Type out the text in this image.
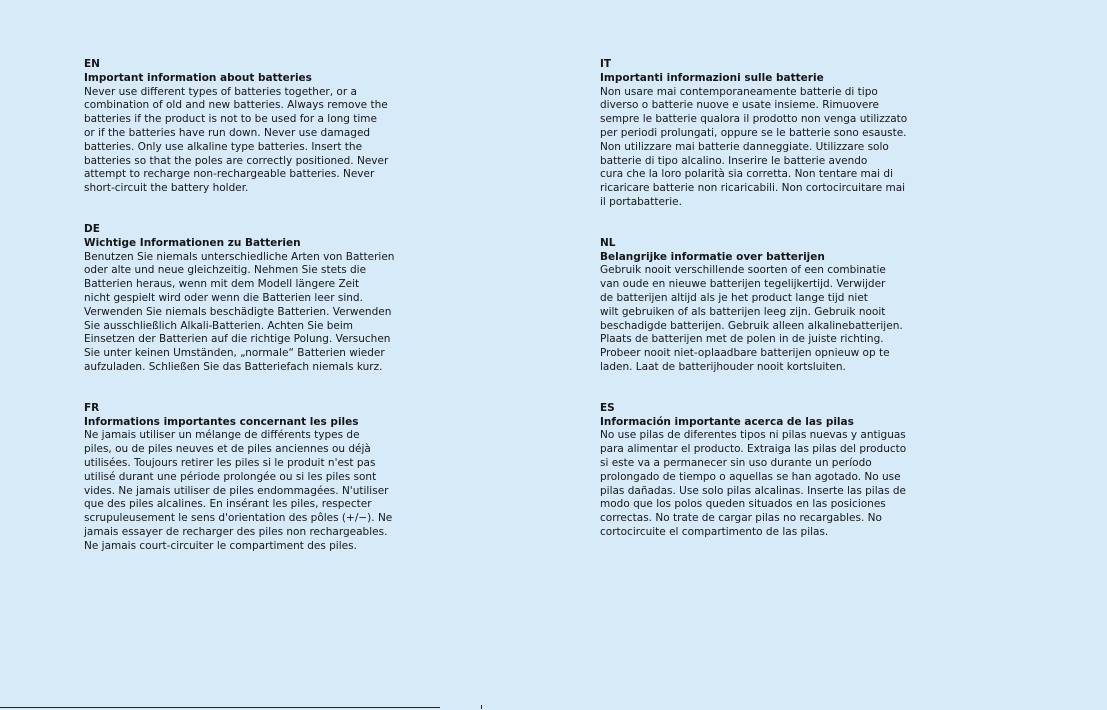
EN

Important information about batteries

Never use different types of batteries together, or a

combination of old and new batteries. Always remove the

batteries if the product is not to be used for a long time

or if the batteries have run down. Never use damaged

batteries. Only use alkaline type batteries. Insert the

batteries so that the poles are correctly positioned. Never

attempt to recharge non-rechargeable batteries. Never

short-circuit the battery holder.

DE

Wichtige Informationen zu Batterien

Benutzen Sie niemals unterschiedliche Arten von Batterien

oder alte und neue gleichzeitig. Nehmen Sie stets die

Batterien heraus, wenn mit dem Modell längere Zeit

nicht gespielt wird oder wenn die Batterien leer sind.

Verwenden Sie niemals beschädigte Batterien. Verwenden

Sie ausschließlich Alkali-Batterien. Achten Sie beim

Einsetzen der Batterien auf die richtige Polung. Versuchen

Sie unter keinen Umständen, „normale“ Batterien wieder

aufzuladen. Schließen Sie das Batteriefach niemals kurz.

FR

Informations importantes concernant les piles

Ne jamais utiliser un mélange de différents types de

piles, ou de piles neuves et de piles anciennes ou déjà

utilisées. Toujours retirer les piles si le produit n'est pas

utilisé durant une période prolongée ou si les piles sont

vides. Ne jamais utiliser de piles endommagées. N'utiliser

que des piles alcalines. En insérant les piles, respecter

scrupuleusement le sens d'orientation des pôles (+/−). Ne

jamais essayer de recharger des piles non rechargeables.

Ne jamais court-circuiter le compartiment des piles.

IT

Importanti informazioni sulle batterie

Non usare mai contemporaneamente batterie di tipo

diverso o batterie nuove e usate insieme. Rimuovere

sempre le batterie qualora il prodotto non venga utilizzato

per periodi prolungati, oppure se le batterie sono esauste.

Non utilizzare mai batterie danneggiate. Utilizzare solo

batterie di tipo alcalino. Inserire le batterie avendo

cura che la loro polarità sia corretta. Non tentare mai di

ricaricare batterie non ricaricabili. Non cortocircuitare mai

il portabatterie.

NL

Belangrijke informatie over batterijen

Gebruik nooit verschillende soorten of een combinatie

van oude en nieuwe batterijen tegelijkertijd. Verwijder

de batterijen altijd als je het product lange tijd niet

wilt gebruiken of als batterijen leeg zijn. Gebruik nooit

beschadigde batterijen. Gebruik alleen alkalinebatterijen.

Plaats de batterijen met de polen in de juiste richting.

Probeer nooit niet-oplaadbare batterijen opnieuw op te

laden. Laat de batterijhouder nooit kortsluiten.

ES

Información importante acerca de las pilas

No use pilas de diferentes tipos ni pilas nuevas y antiguas

para alimentar el producto. Extraiga las pilas del producto

si este va a permanecer sin uso durante un período

prolongado de tiempo o aquellas se han agotado. No use

pilas dañadas. Use solo pilas alcalinas. Inserte las pilas de

modo que los polos queden situados en las posiciones

correctas. No trate de cargar pilas no recargables. No

cortocircuite el compartimento de las pilas.
